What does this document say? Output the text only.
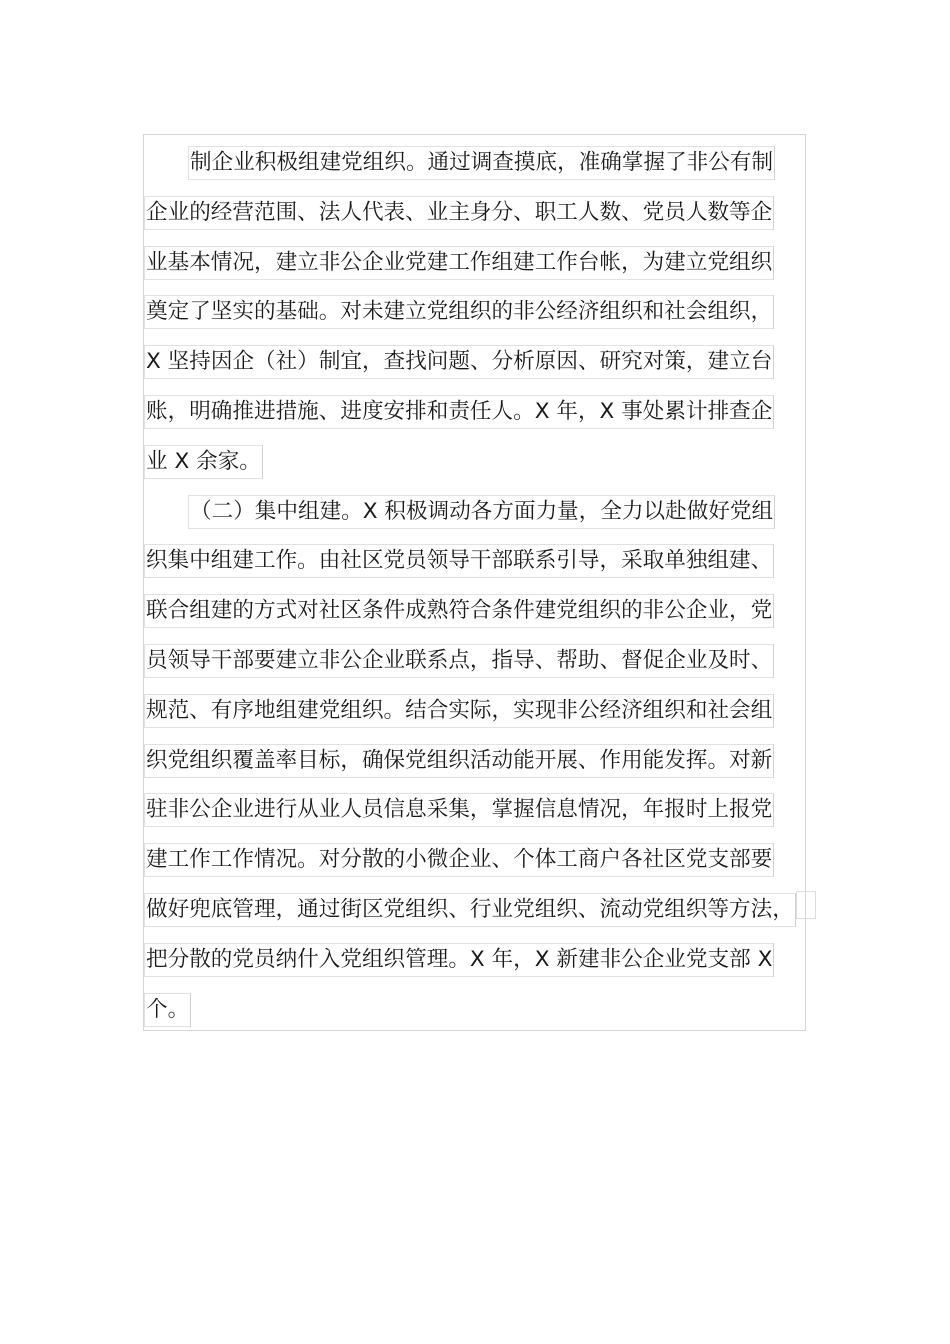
制企业积极组建党组织。通过调查摸底，准确掌握了非公有制
企业的经营范围、法人代表、业主身分、职工人数、党员人数等企
业基本情况，建立非公企业党建工作组建工作台帐，为建立党组织
奠定了坚实的基础。对未建立党组织的非公经济组织和社会组织，
X 坚持因企（社）制宜，查找问题、分析原因、研究对策，建立台
账，明确推进措施、进度安排和责任人。X 年，X 事处累计排查企
业 X 余家。
（二）集中组建。X 积极调动各方面力量，全力以赴做好党组
织集中组建工作。由社区党员领导干部联系引导，采取单独组建、
联合组建的方式对社区条件成熟符合条件建党组织的非公企业，党
员领导干部要建立非公企业联系点，指导、帮助、督促企业及时、
规范、有序地组建党组织。结合实际，实现非公经济组织和社会组
织党组织覆盖率目标，确保党组织活动能开展、作用能发挥。对新
驻非公企业进行从业人员信息采集，掌握信息情况，年报时上报党
建工作工作情况。对分散的小微企业、个体工商户各社区党支部要
做好兜底管理，通过街区党组织、行业党组织、流动党组织等方法，
把分散的党员纳什入党组织管理。X 年，X 新建非公企业党支部 X
个。
